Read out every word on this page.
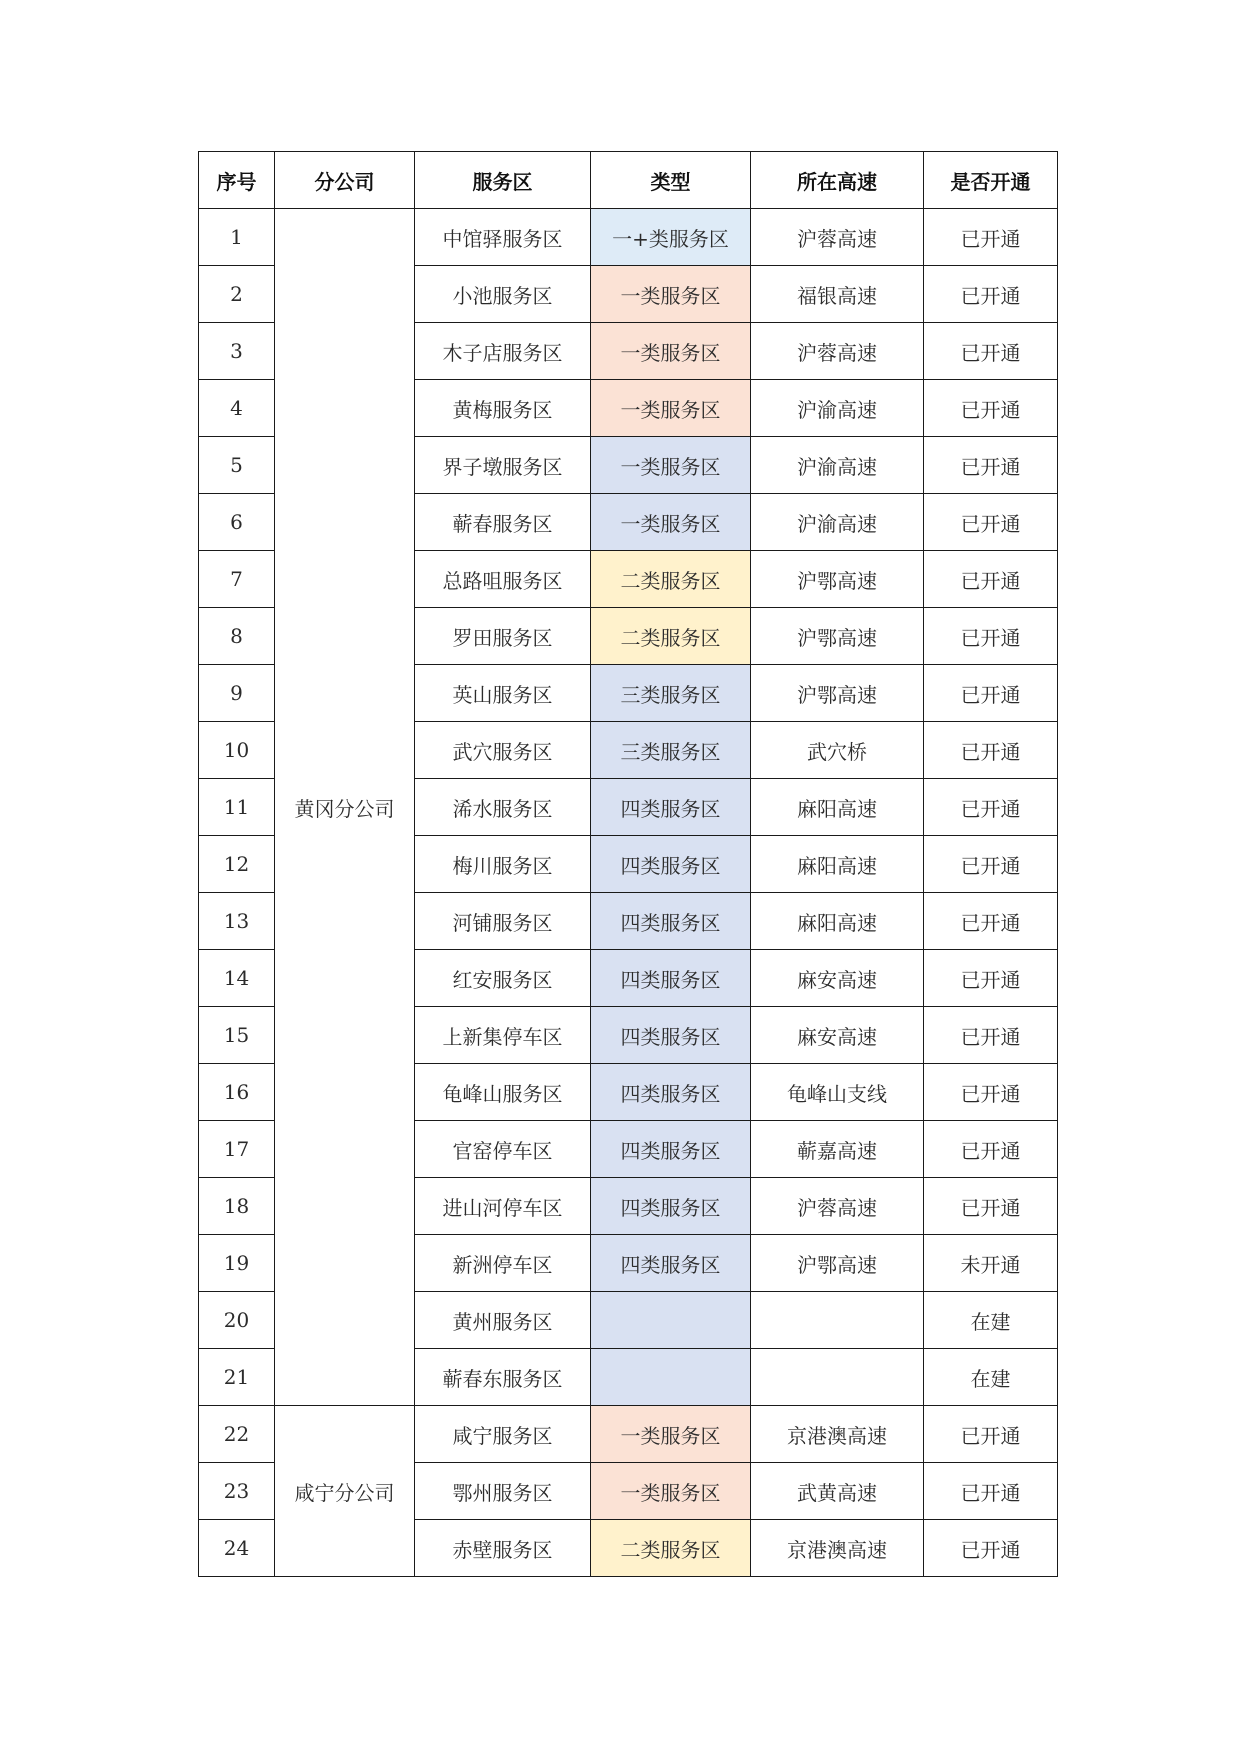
序号	分公司	服务区	类型	所在高速	是否开通
1	黄冈分公司	中馆驿服务区	一+类服务区	沪蓉高速	已开通
2		小池服务区	一类服务区	福银高速	已开通
3		木子店服务区	一类服务区	沪蓉高速	已开通
4		黄梅服务区	一类服务区	沪渝高速	已开通
5		界子墩服务区	一类服务区	沪渝高速	已开通
6		蕲春服务区	一类服务区	沪渝高速	已开通
7		总路咀服务区	二类服务区	沪鄂高速	已开通
8		罗田服务区	二类服务区	沪鄂高速	已开通
9		英山服务区	三类服务区	沪鄂高速	已开通
10		武穴服务区	三类服务区	武穴桥	已开通
11		浠水服务区	四类服务区	麻阳高速	已开通
12		梅川服务区	四类服务区	麻阳高速	已开通
13		河铺服务区	四类服务区	麻阳高速	已开通
14		红安服务区	四类服务区	麻安高速	已开通
15		上新集停车区	四类服务区	麻安高速	已开通
16		龟峰山服务区	四类服务区	龟峰山支线	已开通
17		官窑停车区	四类服务区	蕲嘉高速	已开通
18		进山河停车区	四类服务区	沪蓉高速	已开通
19		新洲停车区	四类服务区	沪鄂高速	未开通
20		黄州服务区			在建
21		蕲春东服务区			在建
22	咸宁分公司	咸宁服务区	一类服务区	京港澳高速	已开通
23		鄂州服务区	一类服务区	武黄高速	已开通
24		赤壁服务区	二类服务区	京港澳高速	已开通
